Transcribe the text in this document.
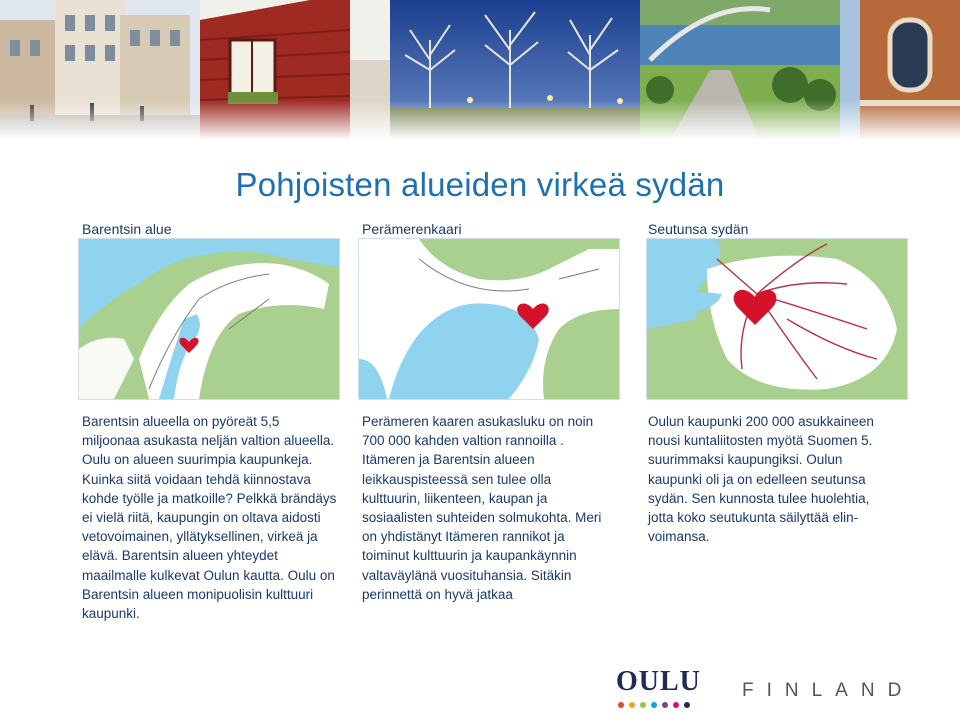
Pohjoisten alueiden virkeä sydän
Barentsin alue	Perämerenkaari	Seutunsa sydän
Barentsin alueella on pyöreät 5,5 miljoonaa asukasta neljän valtion alueella. Oulu on alueen suurimpia kaupunkeja. Kuinka siitä voidaan tehdä kiinnostava kohde työlle ja matkoille? Pelkkä brändäys ei vielä riitä, kaupungin on oltava aidosti vetovoimainen, yllätyksellinen, virkeä ja elävä. Barentsin alueen yhteydet maailmalle kulkevat Oulun kautta. Oulu on Barentsin alueen monipuolisin kulttuuri kaupunki.
Perämeren kaaren asukasluku on noin 700 000 kahden valtion rannoilla . Itämeren ja Barentsin alueen leikkauspisteessä sen tulee olla kulttuurin, liikenteen, kaupan ja sosiaalisten suhteiden solmukohta. Meri on yhdistänyt Itämeren rannikot ja toiminut kulttuurin ja kaupankäynnin valtaväylänä vuosituhansia. Sitäkin perinnettä on hyvä jatkaa
Oulun kaupunki 200 000 asukkaineen nousi kuntaliitosten myötä Suomen 5. suurimmaksi kaupungiksi. Oulun kaupunki oli ja on edelleen seutunsa sydän. Sen kunnosta tulee huolehtia, jotta koko seutukunta säilyttää elin-voimansa.
OULU FINLAND
